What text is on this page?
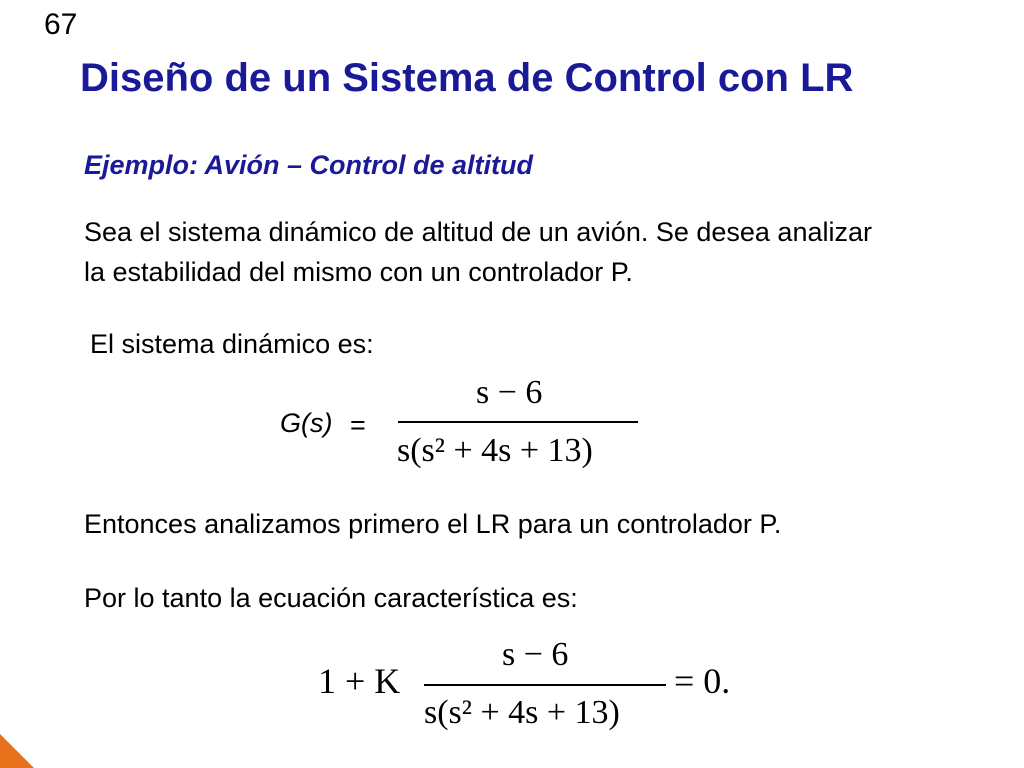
67
Diseño de un Sistema de Control con LR
Ejemplo: Avión – Control de altitud
Sea el sistema dinámico de altitud de un avión. Se desea analizar
la estabilidad del mismo con un controlador P.
El sistema dinámico es:
G(s) =
s − 6
s(s² + 4s + 13)
Entonces analizamos primero el LR para un controlador P.
Por lo tanto la ecuación característica es:
1 + K
s − 6
s(s² + 4s + 13)
= 0.
